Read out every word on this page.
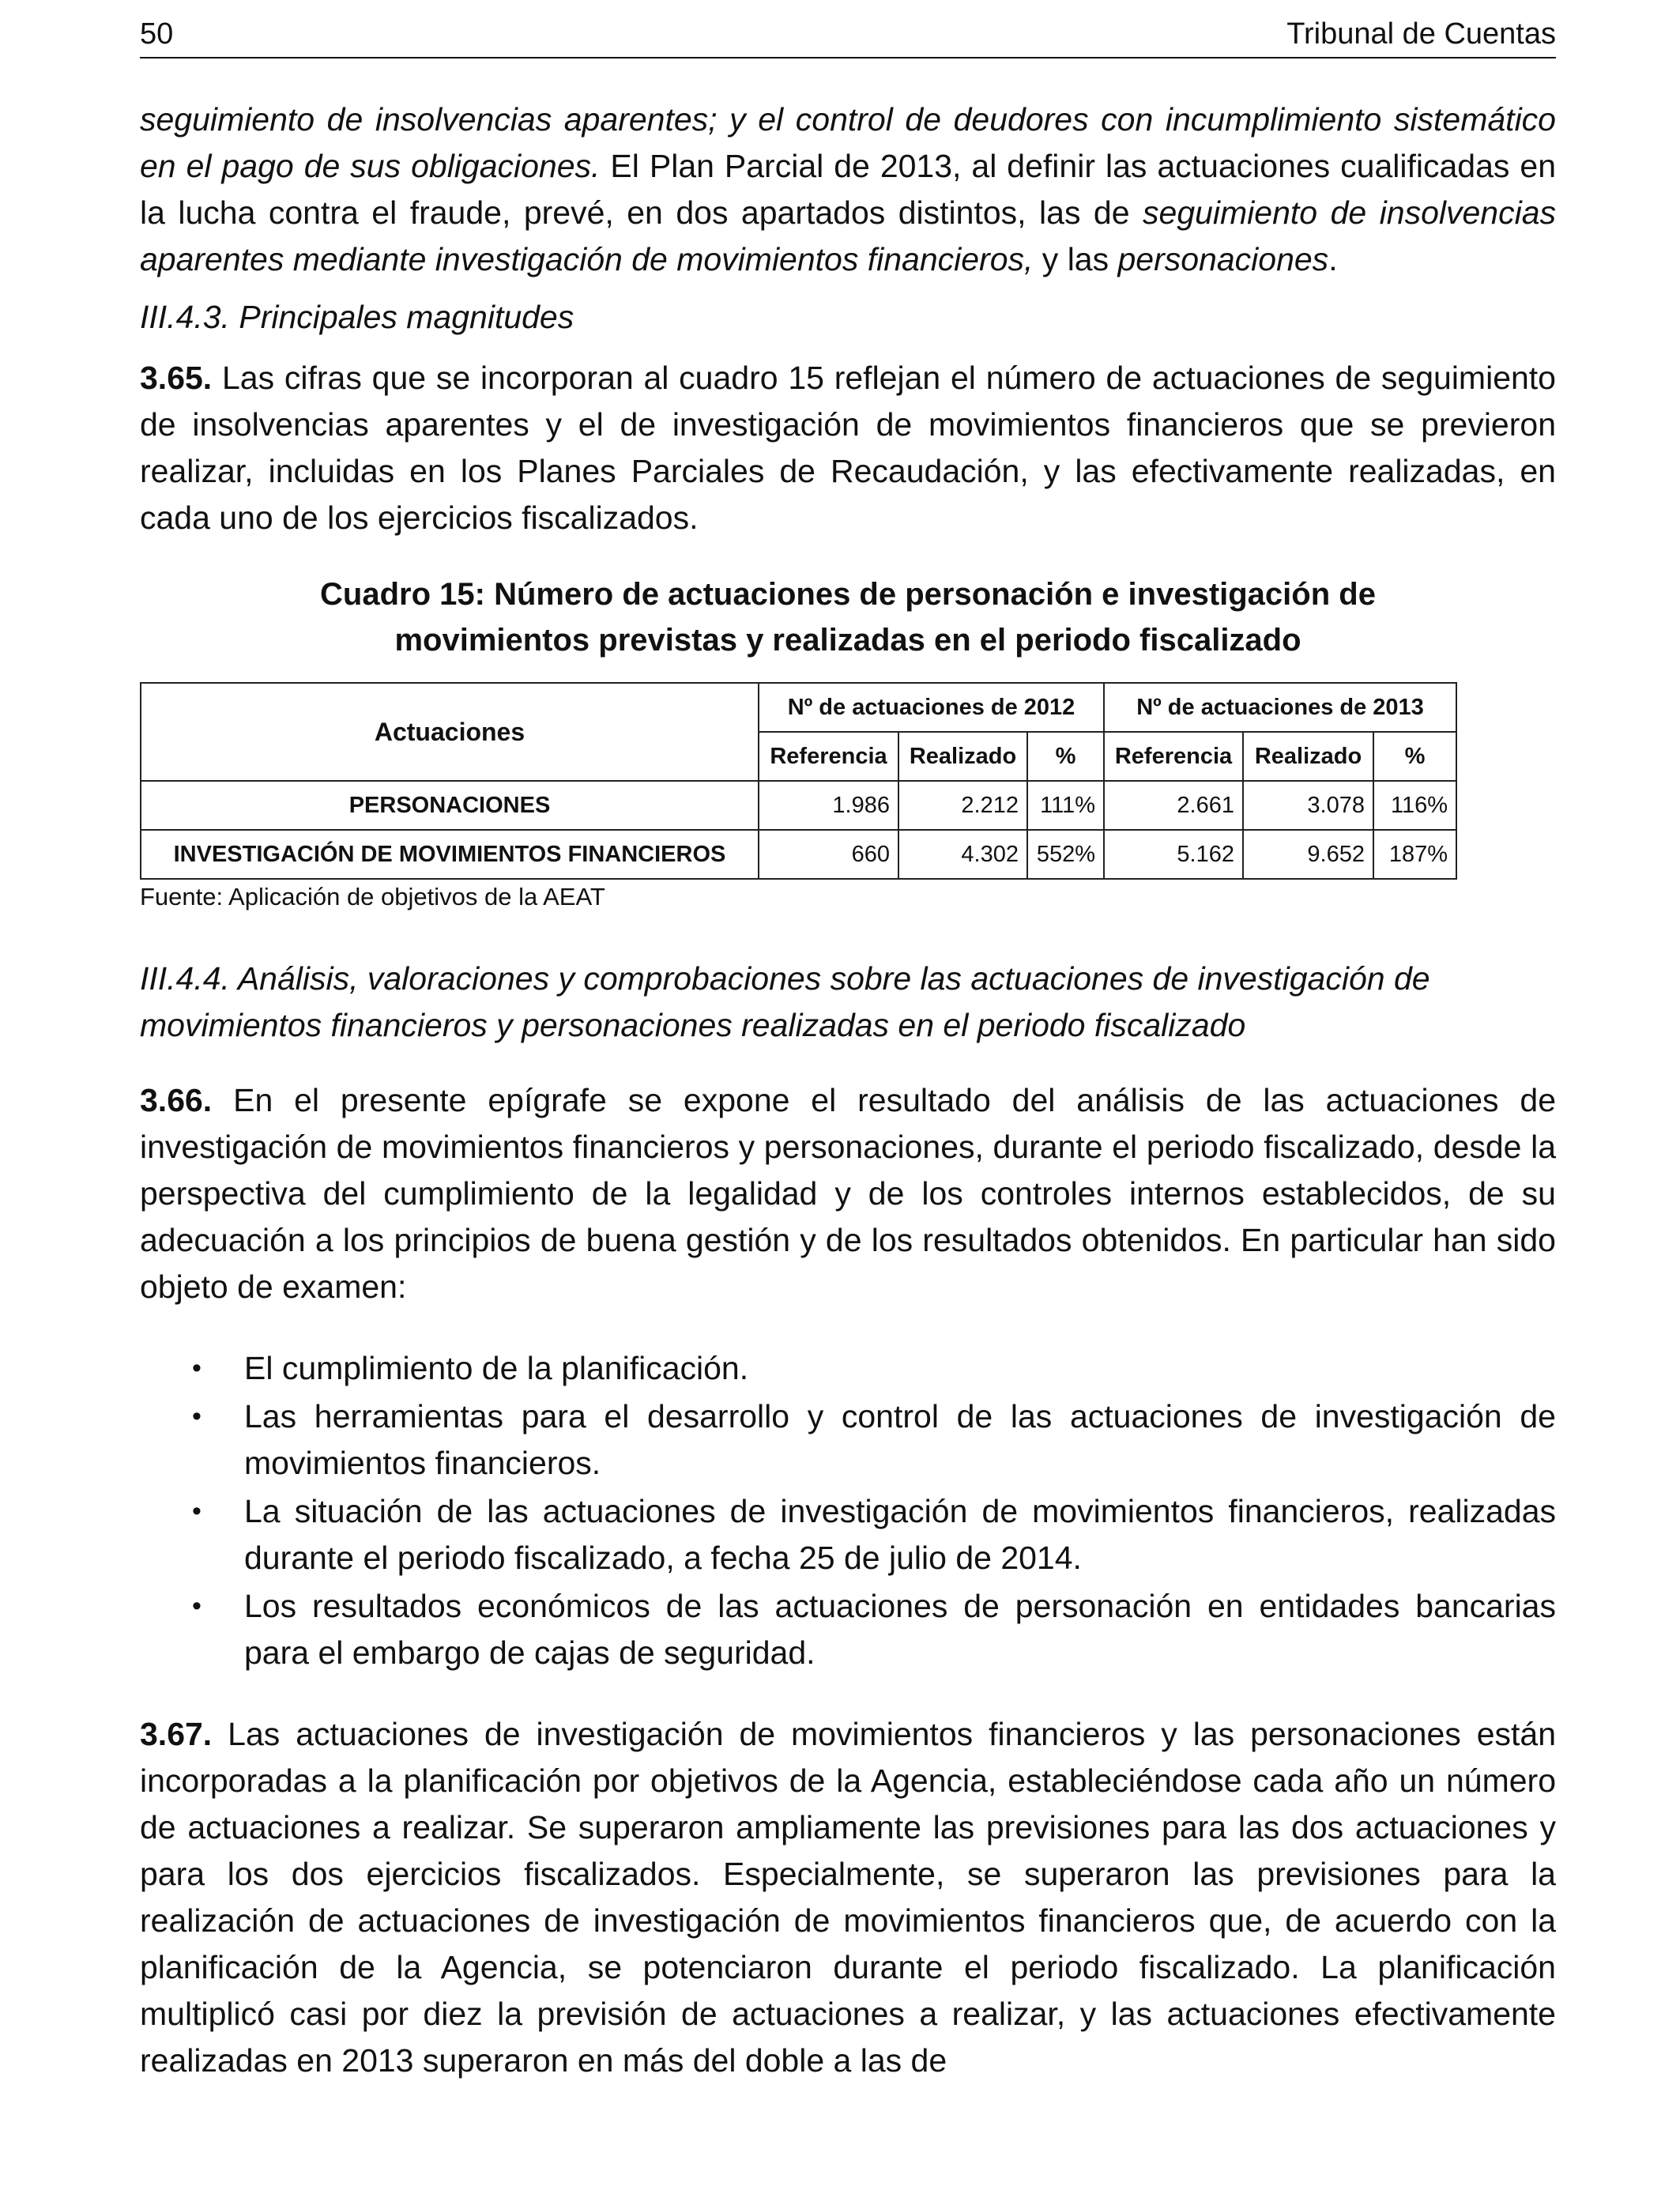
50	Tribunal de Cuentas

seguimiento de insolvencias aparentes; y el control de deudores con incumplimiento sistemático en el pago de sus obligaciones. El Plan Parcial de 2013, al definir las actuaciones cualificadas en la lucha contra el fraude, prevé, en dos apartados distintos, las de seguimiento de insolvencias aparentes mediante investigación de movimientos financieros, y las personaciones.

III.4.3. Principales magnitudes

3.65. Las cifras que se incorporan al cuadro 15 reflejan el número de actuaciones de seguimiento de insolvencias aparentes y el de investigación de movimientos financieros que se previeron realizar, incluidas en los Planes Parciales de Recaudación, y las efectivamente realizadas, en cada uno de los ejercicios fiscalizados.

Cuadro 15: Número de actuaciones de personación e investigación de

movimientos previstas y realizadas en el periodo fiscalizado

Actuaciones	Nº de actuaciones de 2012			Nº de actuaciones de 2013		
	Referencia	Realizado	%	Referencia	Realizado	%
PERSONACIONES	1.986	2.212	111%	2.661	3.078	116%
INVESTIGACIÓN DE MOVIMIENTOS FINANCIEROS	660	4.302	552%	5.162	9.652	187%

Fuente: Aplicación de objetivos de la AEAT

III.4.4. Análisis, valoraciones y comprobaciones sobre las actuaciones de investigación de movimientos financieros y personaciones realizadas en el periodo fiscalizado

3.66. En el presente epígrafe se expone el resultado del análisis de las actuaciones de investigación de movimientos financieros y personaciones, durante el periodo fiscalizado, desde la perspectiva del cumplimiento de la legalidad y de los controles internos establecidos, de su adecuación a los principios de buena gestión y de los resultados obtenidos. En particular han sido objeto de examen:

• El cumplimiento de la planificación.
• Las herramientas para el desarrollo y control de las actuaciones de investigación de movimientos financieros.
• La situación de las actuaciones de investigación de movimientos financieros, realizadas durante el periodo fiscalizado, a fecha 25 de julio de 2014.
• Los resultados económicos de las actuaciones de personación en entidades bancarias para el embargo de cajas de seguridad.

3.67. Las actuaciones de investigación de movimientos financieros y las personaciones están incorporadas a la planificación por objetivos de la Agencia, estableciéndose cada año un número de actuaciones a realizar. Se superaron ampliamente las previsiones para las dos actuaciones y para los dos ejercicios fiscalizados. Especialmente, se superaron las previsiones para la realización de actuaciones de investigación de movimientos financieros que, de acuerdo con la planificación de la Agencia, se potenciaron durante el periodo fiscalizado. La planificación multiplicó casi por diez la previsión de actuaciones a realizar, y las actuaciones efectivamente realizadas en 2013 superaron en más del doble a las de
